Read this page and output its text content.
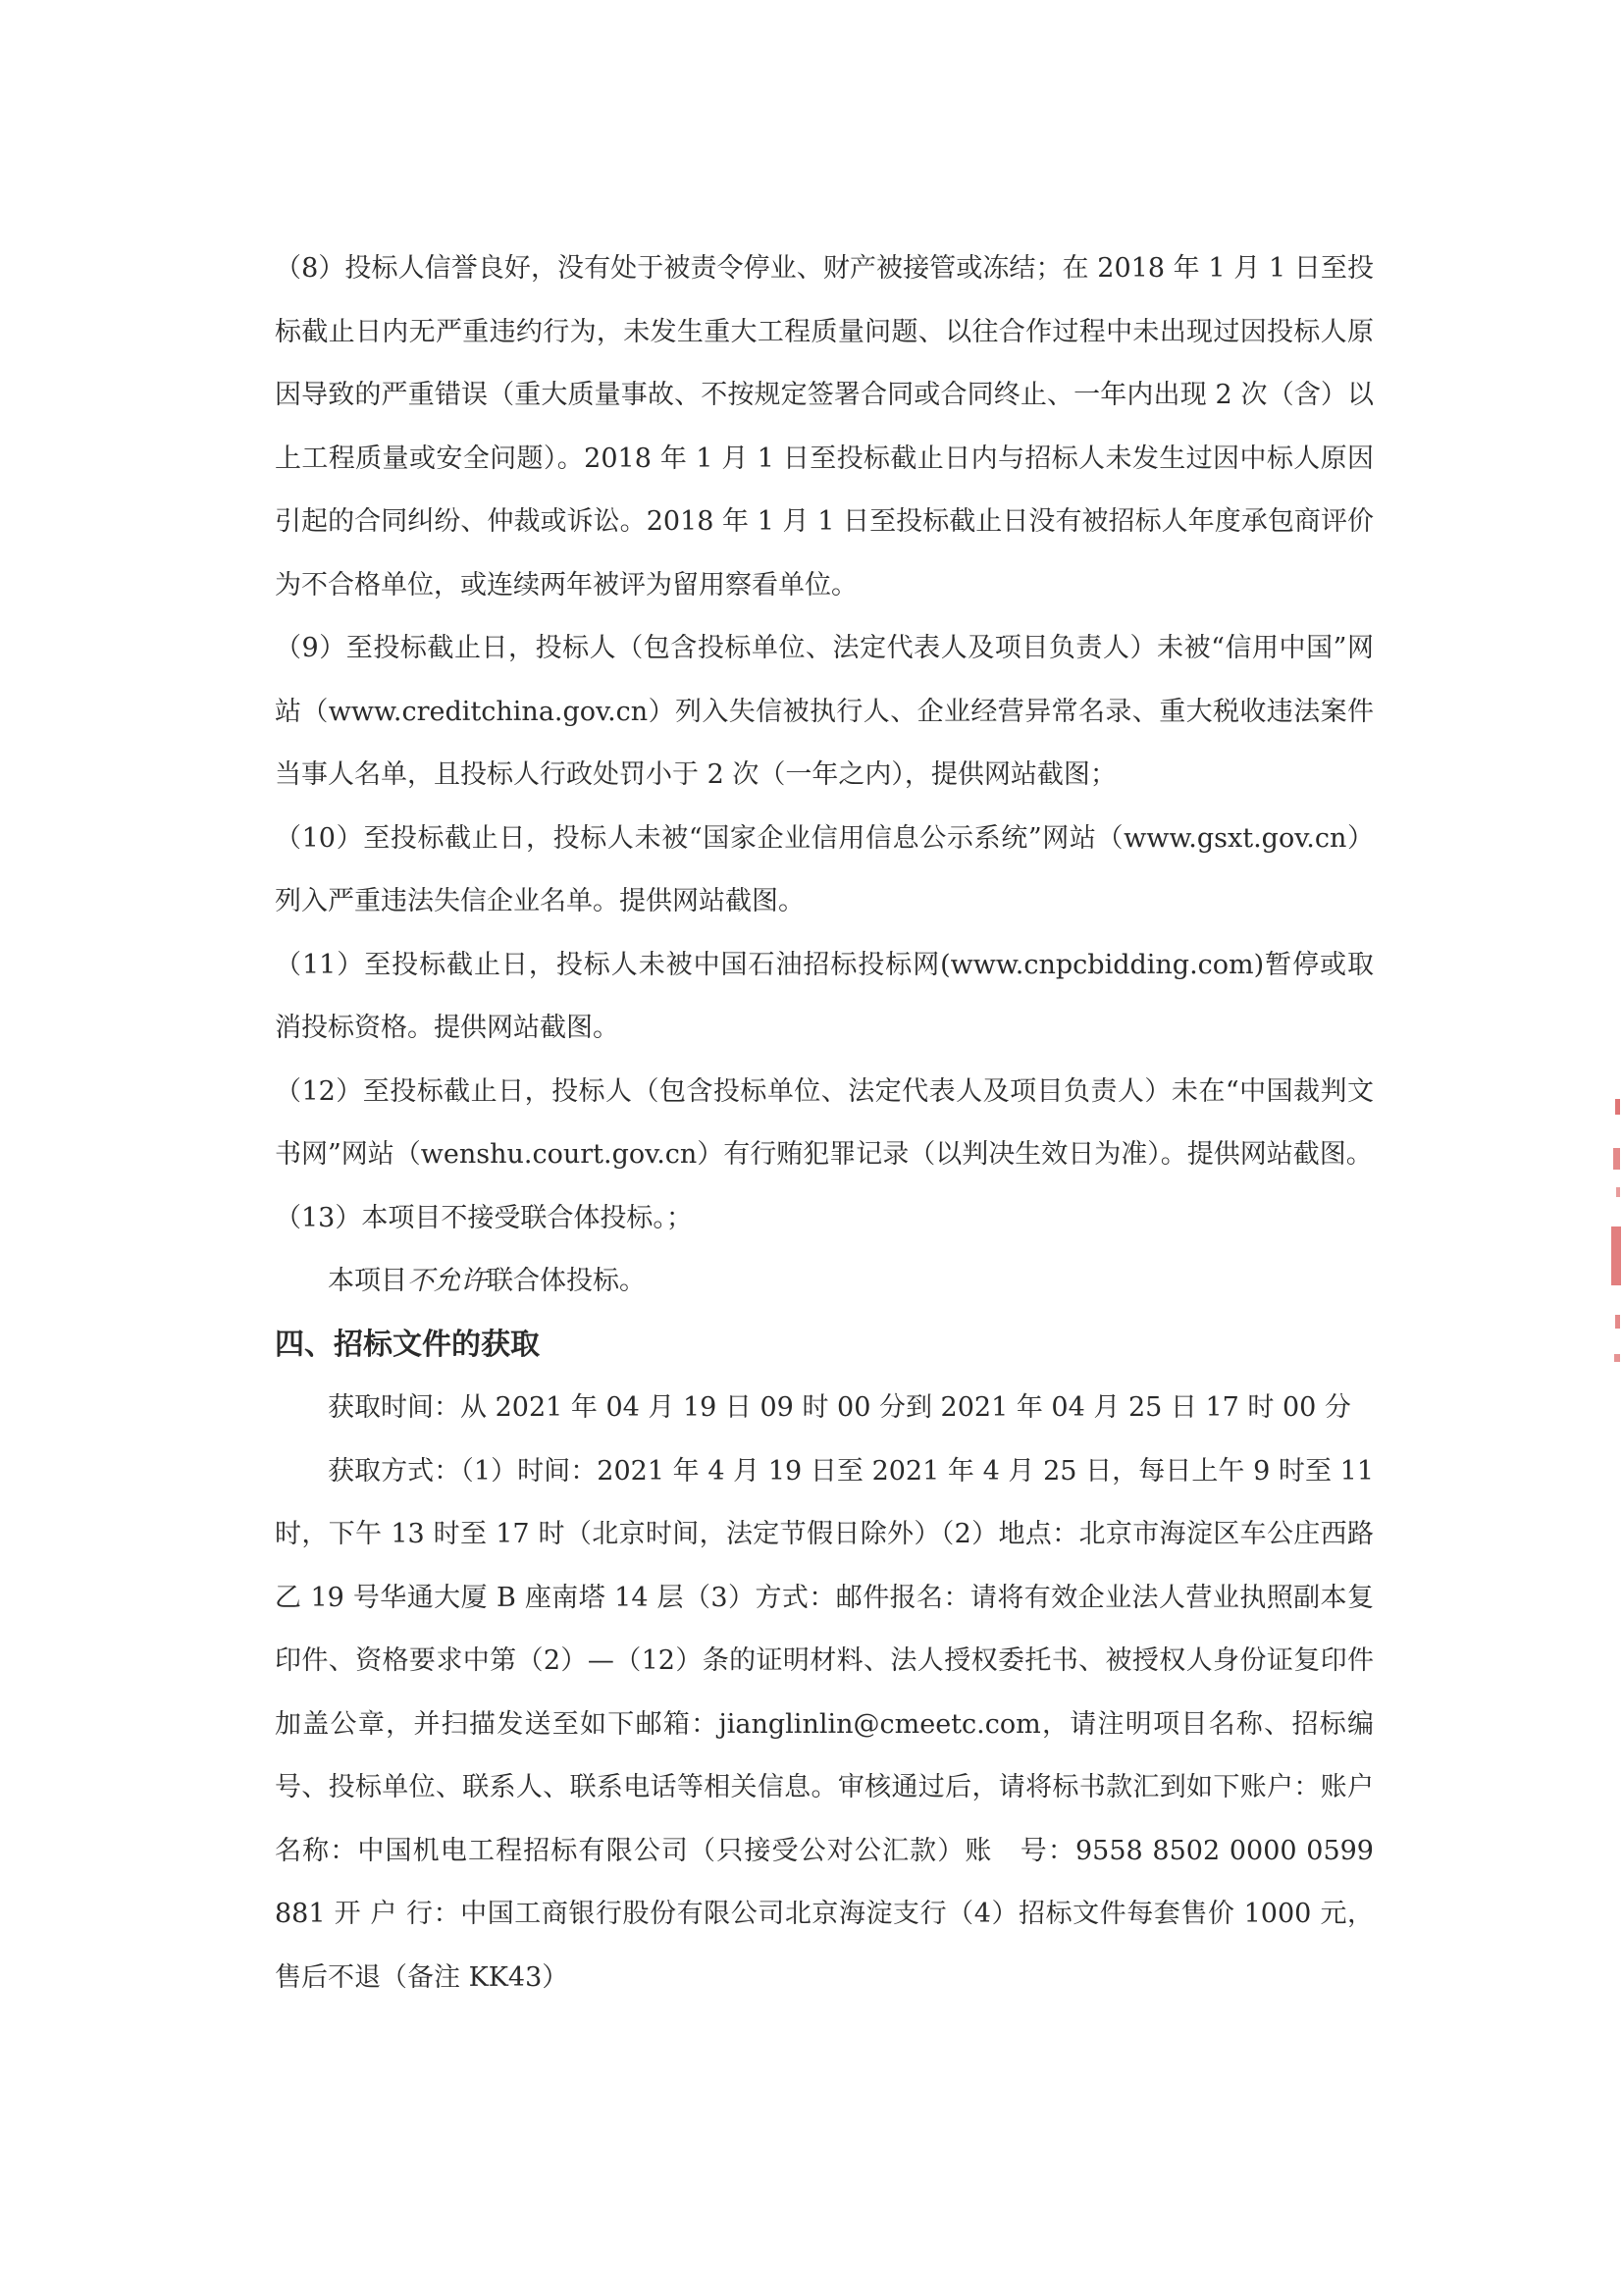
（8）投标人信誉良好，没有处于被责令停业、财产被接管或冻结；在 2018 年 1 月 1 日至投标截止日内无严重违约行为，未发生重大工程质量问题、以往合作过程中未出现过因投标人原因导致的严重错误（重大质量事故、不按规定签署合同或合同终止、一年内出现 2 次（含）以上工程质量或安全问题）。2018 年 1 月 1 日至投标截止日内与招标人未发生过因中标人原因引起的合同纠纷、仲裁或诉讼。2018 年 1 月 1 日至投标截止日没有被招标人年度承包商评价为不合格单位，或连续两年被评为留用察看单位。

（9）至投标截止日，投标人（包含投标单位、法定代表人及项目负责人）未被“信用中国”网站（www.creditchina.gov.cn）列入失信被执行人、企业经营异常名录、重大税收违法案件当事人名单，且投标人行政处罚小于 2 次（一年之内），提供网站截图；

（10）至投标截止日，投标人未被“国家企业信用信息公示系统”网站（www.gsxt.gov.cn）列入严重违法失信企业名单。提供网站截图。

（11）至投标截止日，投标人未被中国石油招标投标网(www.cnpcbidding.com)暂停或取消投标资格。提供网站截图。

（12）至投标截止日，投标人（包含投标单位、法定代表人及项目负责人）未在“中国裁判文书网”网站（wenshu.court.gov.cn）有行贿犯罪记录（以判决生效日为准）。提供网站截图。

（13）本项目不接受联合体投标。；

本项目不允许联合体投标。

四、招标文件的获取

获取时间：从 2021 年 04 月 19 日 09 时 00 分到 2021 年 04 月 25 日 17 时 00 分

获取方式：（1）时间：2021 年 4 月 19 日至 2021 年 4 月 25 日，每日上午 9 时至 11 时，下午 13 时至 17 时（北京时间，法定节假日除外）（2）地点：北京市海淀区车公庄西路乙 19 号华通大厦 B 座南塔 14 层（3）方式：邮件报名：请将有效企业法人营业执照副本复印件、资格要求中第（2）—（12）条的证明材料、法人授权委托书、被授权人身份证复印件加盖公章，并扫描发送至如下邮箱：jianglinlin@cmeetc.com，请注明项目名称、招标编号、投标单位、联系人、联系电话等相关信息。审核通过后，请将标书款汇到如下账户：账户名称：中国机电工程招标有限公司（只接受公对公汇款）账　号：9558 8502 0000 0599 881 开 户 行：中国工商银行股份有限公司北京海淀支行（4）招标文件每套售价 1000 元，售后不退（备注 KK43）
